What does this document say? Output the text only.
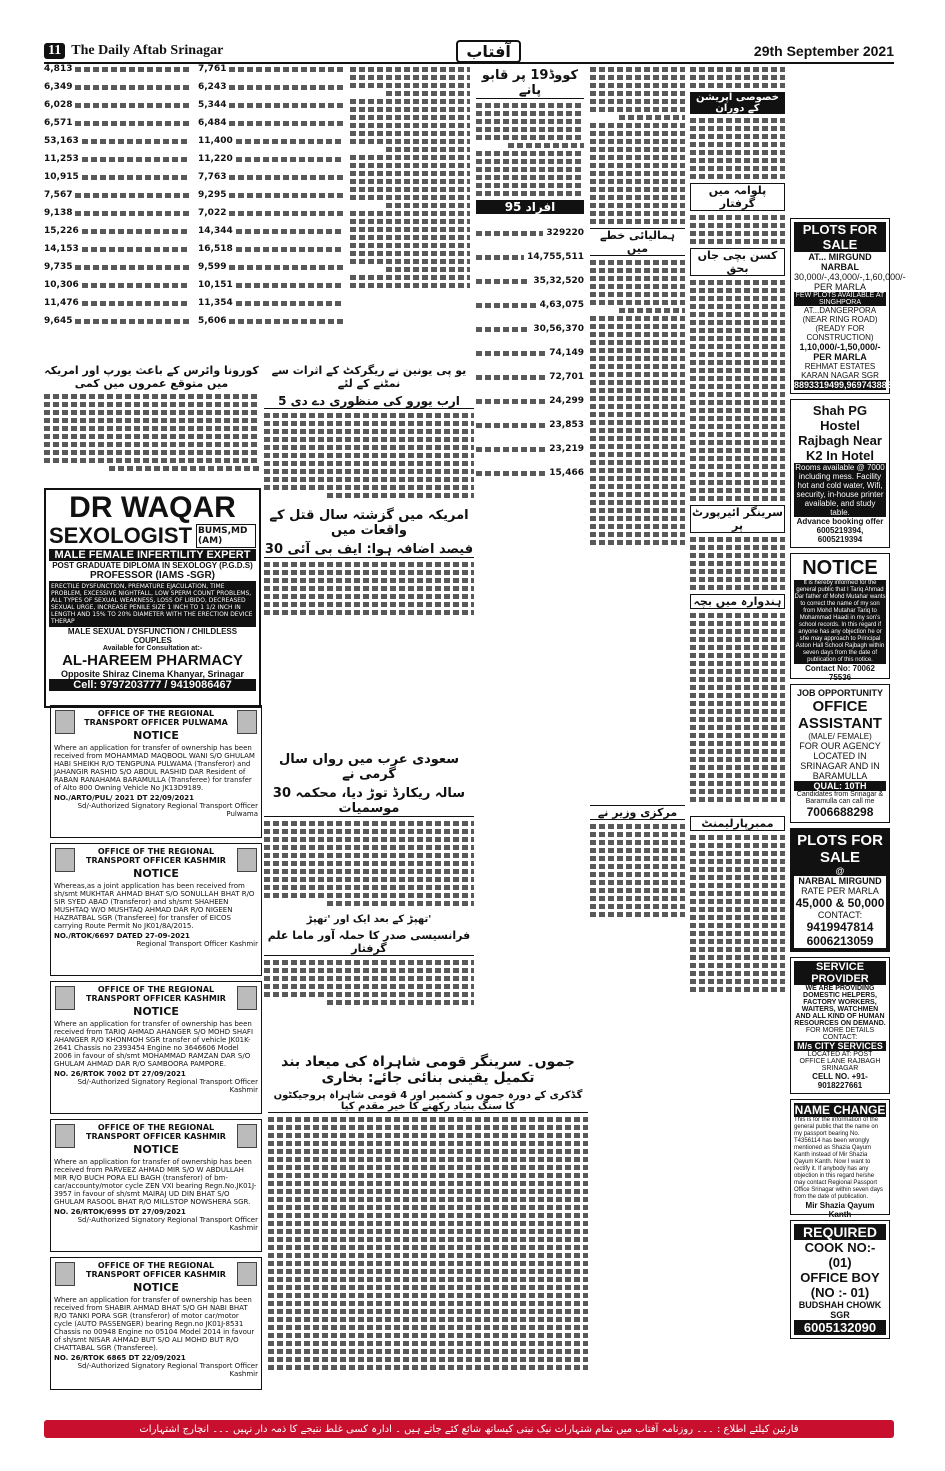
11 The Daily Aftab Srinagar	آفتاب	29th September 2021
4,813	7,761
6,349	6,243
6,028	5,344
6,571	6,484
53,163	11,400
11,253	11,220
10,915	7,763
7,567	9,295
9,138	7,022
15,226	14,344
14,153	16,518
9,735	9,599
10,306	10,151
11,476	11,354
9,645	5,606
کووڈ19 پر قابو پانے
95 افراد
329220
14,755,511
35,32,520
4,63,075
30,56,370
74,149
72,701
24,299
23,853
23,219
15,466
ہمالیائی خطے میں
مرکزی وزیر نے
خصوصی آپریشن کے دوران
پلوامہ میں گرفتار
کسن بچی جاں بحق
سرینگر ائیرپورٹ پر
ہندوارہ میں بچہ
ممبرپارلیمنٹ
کورونا وائرس کے باعث یورپ اور امریکہ میں متوقع عمروں میں کمی
یو پی یونین نے ریگرکٹ کے اثرات سے نمٹنے کے لئے
5 ارب یورو کی منظوری دے دی
امریکہ میں گزشتہ سال قتل کے واقعات میں
30 فیصد اضافہ ہوا: ایف بی آئی
سعودی عرب میں رواں سال گرمی نے
30 سالہ ریکارڈ توڑ دیا، محکمہ موسمیات
تھپڑ کے بعد ایک اور 'تھپڑ'
فرانسیسی صدر کا حملہ آور ماما علم گرفتار
DR WAQAR
SEXOLOGIST BUMS,MD (AM)
MALE FEMALE INFERTILITY EXPERT
POST GRADUATE DIPLOMA IN SEXOLOGY (P.G.D.S)
PROFESSOR (IAMS -SGR)
ERECTILE DYSFUNCTION, PREMATURE EJACULATION, TIME PROBLEM, EXCESSIVE NIGHTFALL, LOW SPERM COUNT PROBLEMS, ALL TYPES OF SEXUAL WEAKNESS, LOSS OF LIBIDO, DECREASED SEXUAL URGE, INCREASE PENILE SIZE 1 INCH TO 1 1/2 INCH IN LENGTH AND 15% TO 20% DIAMETER WITH THE ERECTION DEVICE THERAP
MALE SEXUAL DYSFUNCTION / CHILDLESS COUPLES
Available for Consultation at:-
AL-HAREEM PHARMACY
Opposite Shiraz Cinema Khanyar, Srinagar
Cell: 9797203777 / 9419086467
OFFICE OF THE REGIONAL TRANSPORT OFFICER PULWAMA
NOTICE
Where an application for transfer of ownership has been received from MOHAMMAD MAQBOOL WANI S/O GHULAM HABI SHEIKH R/O TENGPUNA PULWAMA (Transferor) and JAHANGIR RASHID S/O ABDUL RASHID DAR Resident of RABAN RANAHAMA BARAMULLA (Transferee) for transfer of Alto 800 Owning Vehicle No JK13D9189.
NO./ARTO/PUL/ 2021 DT 22/09/2021
Sd/-Authorized Signatory Regional Transport Officer Pulwama
OFFICE OF THE REGIONAL TRANSPORT OFFICER KASHMIR
NOTICE
Whereas,as a joint application has been received from sh/smt MUKHTAR AHMAD BHAT S/O SONULLAH BHAT R/O SIR SYED ABAD (Transferor) and sh/smt SHAHEEN MUSHTAQ W/O MUSHTAQ AHMAD DAR R/O NIGEEN HAZRATBAL SGR (Transferee) for transfer of EICOS carrying Route Permit No JK01/8A/2015.
NO./RTOK/6697 DATED 27-09-2021
Regional Transport Officer Kashmir
OFFICE OF THE REGIONAL TRANSPORT OFFICER KASHMIR
NOTICE
Where an application for transfer of ownership has been received from TARIQ AHMAD AHANGER S/O MOHD SHAFI AHANGER R/O KHONMOH SGR transfer of vehicle JK01K-2641 Chassis no 2393454 Engine no 3646606 Model 2006 in favour of sh/smt MOHAMMAD RAMZAN DAR S/O GHULAM AHMAD DAR R/O SAMBOORA PAMPORE.
NO. 26/RTOK 7002 DT 27/09/2021
Sd/-Authorized Signatory Regional Transport Officer Kashmir
OFFICE OF THE REGIONAL TRANSPORT OFFICER KASHMIR
NOTICE
Where an application for transfer of ownership has been received from PARVEEZ AHMAD MIR S/O W ABDULLAH MIR R/O BUCH PORA ELI BAGH (transferor) of bm-car/accounty/motor cycle ZEN VXI bearing Regn.No.JK01J-3957 in favour of sh/smt MAIRAJ UD DIN BHAT S/O GHULAM RASOOL BHAT R/O MILLSTOP NOWSHERA SGR.
NO. 26/RTOK/6995 DT 27/09/2021
Sd/-Authorized Signatory Regional Transport Officer Kashmir
OFFICE OF THE REGIONAL TRANSPORT OFFICER KASHMIR
NOTICE
Where an application for transfer of ownership has been received from SHABIR AHMAD BHAT S/O GH NABI BHAT R/O TANKI PORA SGR (transferor) of motor car/motor cycle (AUTO PASSENGER) bearing Regn.no JK01J-8531 Chassis no 00948 Engine no 05104 Model 2014 in favour of sh/smt NISAR AHMAD BUT S/O ALI MOHD BUT R/O CHATTABAL SGR (Transferee).
NO. 26/RTOK 6865 DT 22/09/2021
Sd/-Authorized Signatory Regional Transport Officer Kashmir
جموں۔ سرینگر قومی شاہراہ کی میعاد بند تکمیل یقینی بنائی جائے: بخاری
گڈکری کے دورہ جموں و کشمیر اور 4 قومی شاہراہ پروجیکٹوں کا سنگ بنیاد رکھنے کا خیر مقدم کیا
PLOTS FOR SALE
AT... MIRGUND NARBAL
30,000/-,43,000/-,1,60,000/- PER MARLA
FEW PLOTS AVAILABLE AT SINGHPORA
AT...DANGERPORA (NEAR RING ROAD) (READY FOR CONSTRUCTION)
1,10,000/-1,50,000/- PER MARLA
REHMAT ESTATES KARAN NAGAR SGR
8893319499,9697438880
Shah PG Hostel Rajbagh Near K2 In Hotel
Rooms available @ 7000 including mess. Facility hot and cold water, Wifi, security, in-house printer available, and study table.
Advance booking offer
6005219394, 6005219394
NOTICE
It is hereby informed for the general public that I Tariq Ahmad Dar father of Mohd Mutahar wants to correct the name of my son from Mohd Mutahar Tariq to Mohammad Haadi in my son's school records. In this regard if anyone has any objection he or she may approach to Principal Aston Hall School Rajbagh within seven days from the date of publication of this notice.
Contact No: 70062 75536
JOB OPPORTUNITY
OFFICE ASSISTANT
(MALE/ FEMALE)
FOR OUR AGENCY LOCATED IN SRINAGAR AND IN BARAMULLA
QUAL: 10TH
Candidates from Srinagar & Baramulla can call me
7006688298
PLOTS FOR SALE
@
NARBAL MIRGUND
RATE PER MARLA
45,000 & 50,000
CONTACT:
9419947814
6006213059
SERVICE PROVIDER
WE ARE PROVIDING DOMESTIC HELPERS, FACTORY WORKERS, WAITERS, WATCHMEN AND ALL KIND OF HUMAN RESOURCES ON DEMAND.
FOR MORE DETAILS CONTACT:
M/s CITY SERVICES
LOCATED AT: POST OFFICE LANE RAJBAGH SRINAGAR
CELL NO. +91-9018227661
NAME CHANGE
This is for the information of the general public that the name on my passport bearing No. T4356114 has been wrongly mentioned as Shazia Qayum Kanth instead of Mir Shazia Qayum Kanth. Now I want to rectify it. If anybody has any objection in this regard he/she may contact Regional Passport Office Srinagar within seven days from the date of publication.
Mir Shazia Qayum Kanth
REQUIRED
COOK NO:- (01)
OFFICE BOY (NO :- 01)
BUDSHAH CHOWK SGR
6005132090
قارئین کیلئے اطلاع : ۔۔۔ روزنامہ آفتاب میں تمام شتہارات نیک نیتی کیساتھ شائع کئے جاتے ہیں ۔ ادارہ کسی غلط نتیجے کا ذمہ دار نہیں ۔۔۔ انچارج اشتہارات
